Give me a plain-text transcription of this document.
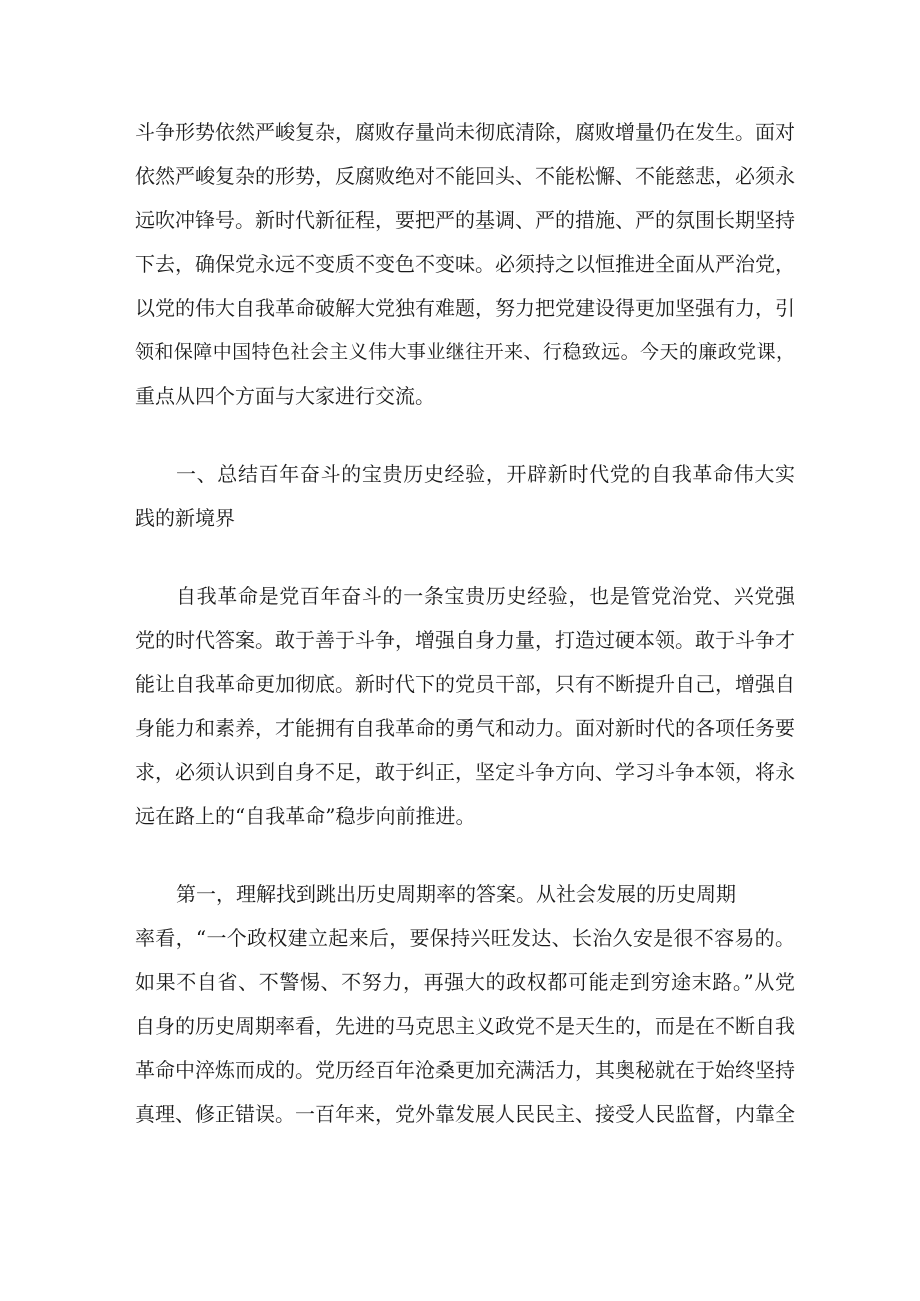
斗争形势依然严峻复杂，腐败存量尚未彻底清除，腐败增量仍在发生。面对

依然严峻复杂的形势，反腐败绝对不能回头、不能松懈、不能慈悲，必须永

远吹冲锋号。新时代新征程，要把严的基调、严的措施、严的氛围长期坚持

下去，确保党永远不变质不变色不变味。必须持之以恒推进全面从严治党，

以党的伟大自我革命破解大党独有难题，努力把党建设得更加坚强有力，引

领和保障中国特色社会主义伟大事业继往开来、行稳致远。今天的廉政党课，

重点从四个方面与大家进行交流。

一、总结百年奋斗的宝贵历史经验，开辟新时代党的自我革命伟大实

践的新境界

自我革命是党百年奋斗的一条宝贵历史经验，也是管党治党、兴党强

党的时代答案。敢于善于斗争，增强自身力量，打造过硬本领。敢于斗争才

能让自我革命更加彻底。新时代下的党员干部，只有不断提升自己，增强自

身能力和素养，才能拥有自我革命的勇气和动力。面对新时代的各项任务要

求，必须认识到自身不足，敢于纠正，坚定斗争方向、学习斗争本领，将永

远在路上的“自我革命”稳步向前推进。

第一，理解找到跳出历史周期率的答案。从社会发展的历史周期

率看，“一个政权建立起来后，要保持兴旺发达、长治久安是很不容易的。

如果不自省、不警惕、不努力，再强大的政权都可能走到穷途末路。”从党

自身的历史周期率看，先进的马克思主义政党不是天生的，而是在不断自我

革命中淬炼而成的。党历经百年沧桑更加充满活力，其奥秘就在于始终坚持

真理、修正错误。一百年来，党外靠发展人民民主、接受人民监督，内靠全
